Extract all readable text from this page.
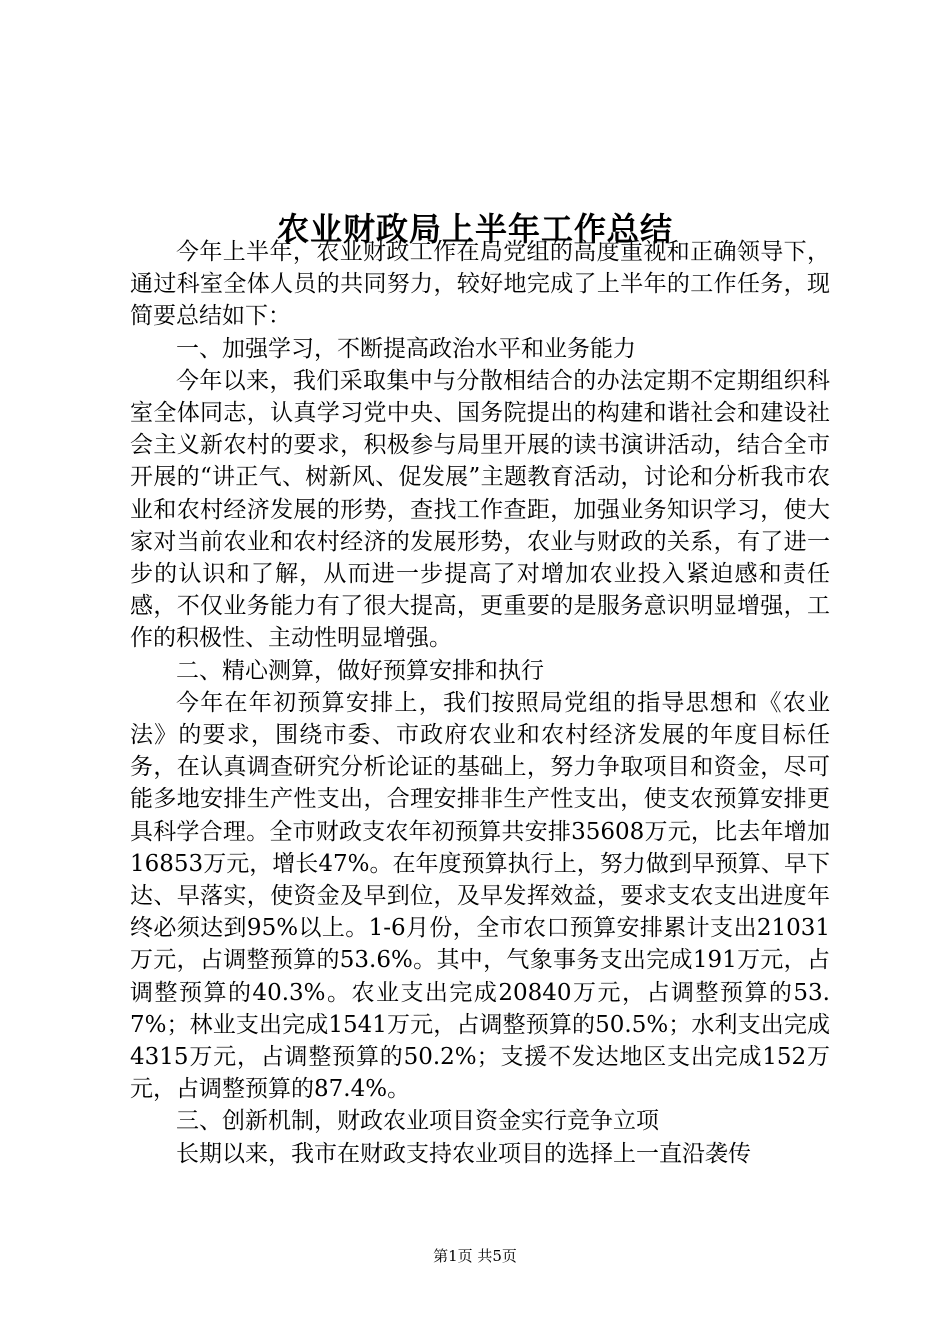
农业财政局上半年工作总结

今年上半年，农业财政工作在局党组的高度重视和正确领导下，通过科室全体人员的共同努力，较好地完成了上半年的工作任务，现简要总结如下：

一、加强学习，不断提高政治水平和业务能力

今年以来，我们采取集中与分散相结合的办法定期不定期组织科室全体同志，认真学习党中央、国务院提出的构建和谐社会和建设社会主义新农村的要求，积极参与局里开展的读书演讲活动，结合全市开展的“讲正气、树新风、促发展”主题教育活动，讨论和分析我市农业和农村经济发展的形势，查找工作查距，加强业务知识学习，使大家对当前农业和农村经济的发展形势，农业与财政的关系，有了进一步的认识和了解，从而进一步提高了对增加农业投入紧迫感和责任感，不仅业务能力有了很大提高，更重要的是服务意识明显增强，工作的积极性、主动性明显增强。

二、精心测算，做好预算安排和执行

今年在年初预算安排上，我们按照局党组的指导思想和《农业法》的要求，围绕市委、市政府农业和农村经济发展的年度目标任务，在认真调查研究分析论证的基础上，努力争取项目和资金，尽可能多地安排生产性支出，合理安排非生产性支出，使支农预算安排更具科学合理。全市财政支农年初预算共安排35608万元，比去年增加16853万元，增长47%。在年度预算执行上，努力做到早预算、早下达、早落实，使资金及早到位，及早发挥效益，要求支农支出进度年终必须达到95%以上。1-6月份，全市农口预算安排累计支出21031万元，占调整预算的53.6%。其中，气象事务支出完成191万元，占调整预算的40.3%。农业支出完成20840万元，占调整预算的53.7%；林业支出完成1541万元，占调整预算的50.5%；水利支出完成4315万元，占调整预算的50.2%；支援不发达地区支出完成152万元，占调整预算的87.4%。

三、创新机制，财政农业项目资金实行竞争立项

长期以来，我市在财政支持农业项目的选择上一直沿袭传

第1页 共5页
